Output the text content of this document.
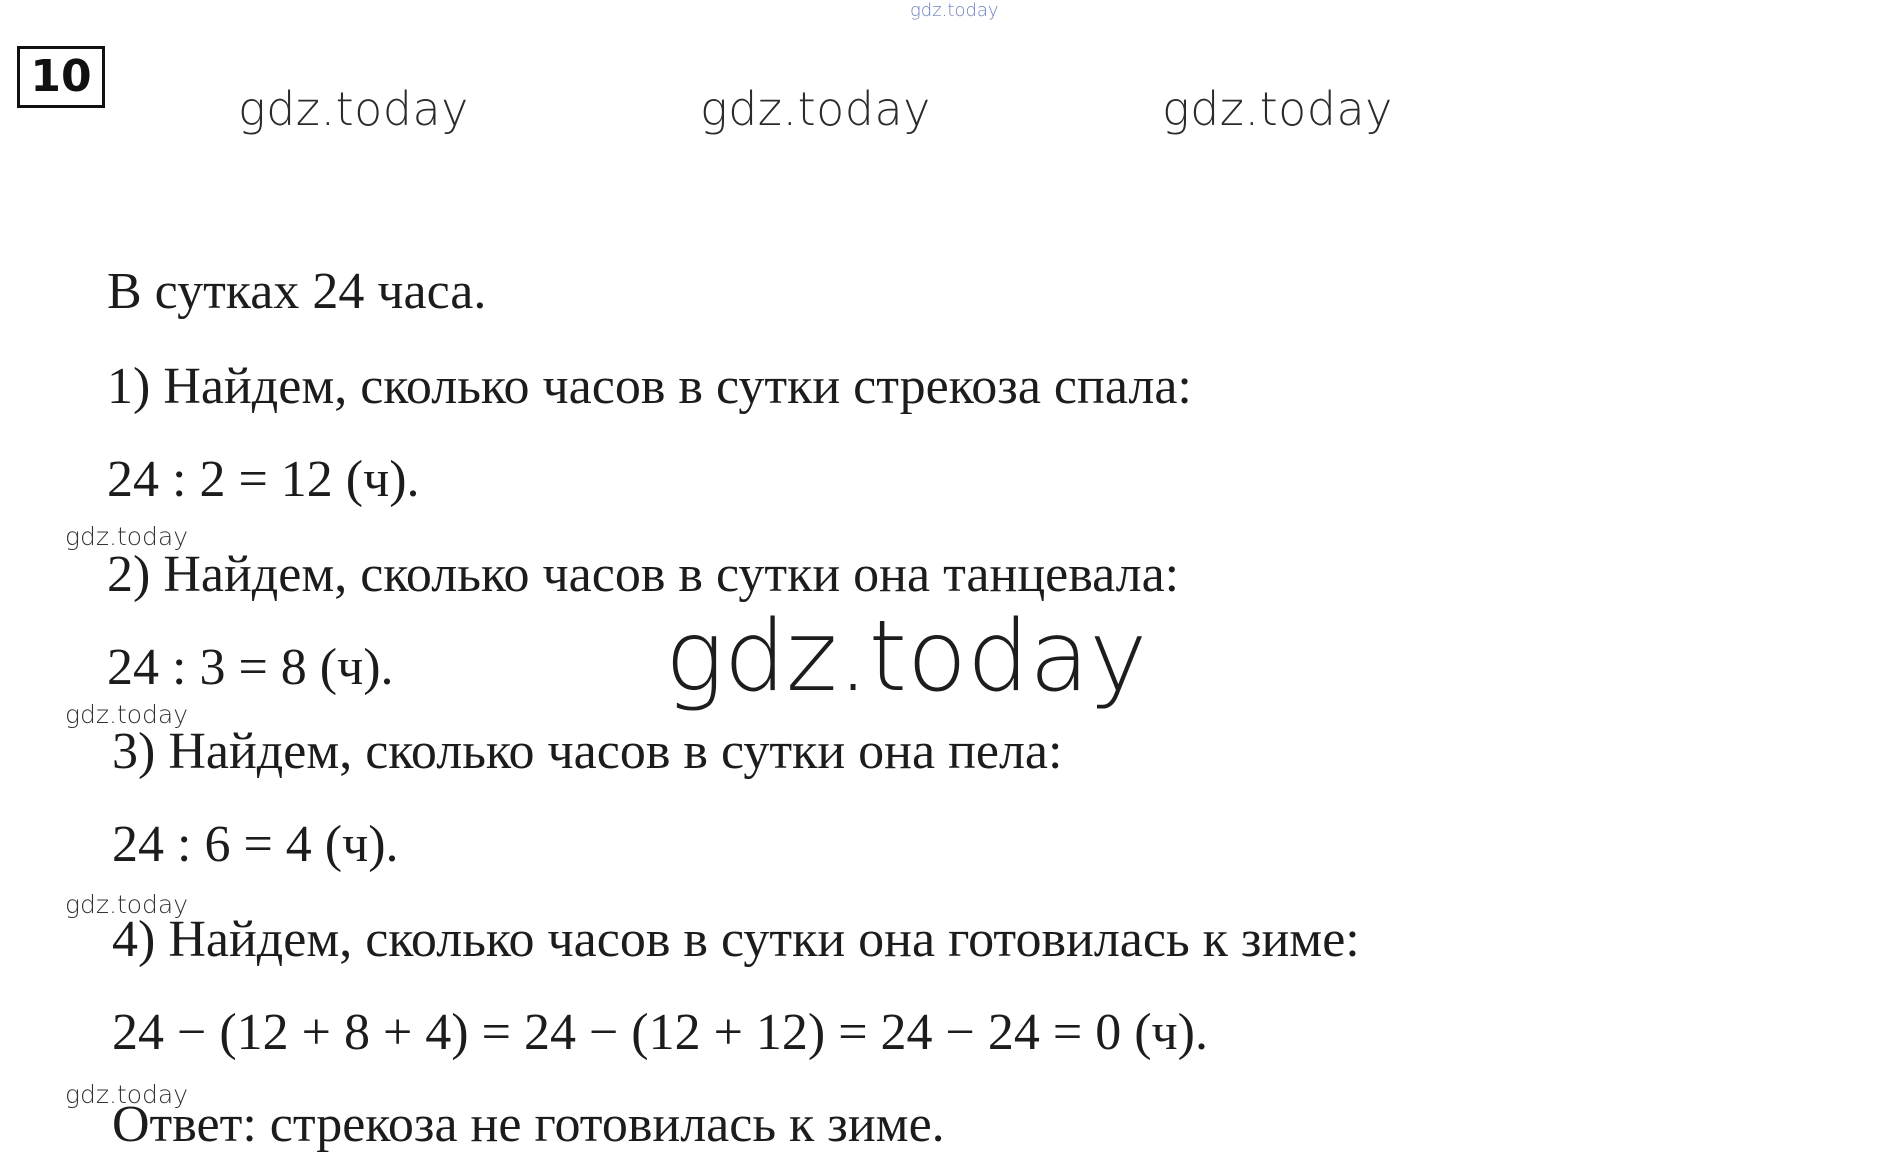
gdz.today
10
gdz.today	gdz.today	gdz.today
В сутках 24 часа.
1) Найдем, сколько часов в сутки стрекоза спала:
24 : 2 = 12 (ч).
gdz.today
2) Найдем, сколько часов в сутки она танцевала:
24 : 3 = 8 (ч).
gdz.today
3) Найдем, сколько часов в сутки она пела:
24 : 6 = 4 (ч).
gdz.today
4) Найдем, сколько часов в сутки она готовилась к зиме:
24 − (12 + 8 + 4) = 24 − (12 + 12) = 24 − 24 = 0 (ч).
gdz.today
Ответ: стрекоза не готовилась к зиме.
gdz.today
